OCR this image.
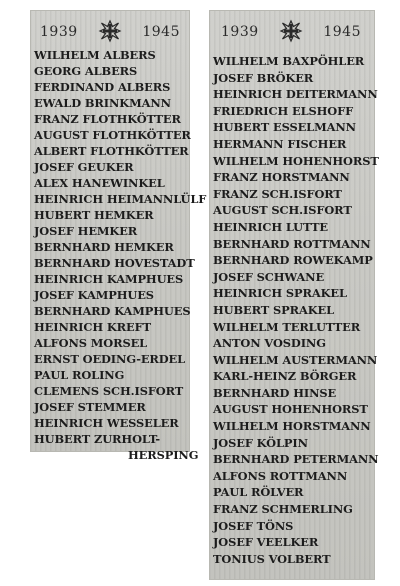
1939	1945
WILHELM ALBERS
GEORG ALBERS
FERDINAND ALBERS
EWALD BRINKMANN
FRANZ FLOTHKÖTTER
AUGUST FLOTHKÖTTER
ALBERT FLOTHKÖTTER
JOSEF GEUKER
ALEX HANEWINKEL
HEINRICH HEIMANNLÜLF
HUBERT HEMKER
JOSEF HEMKER
BERNHARD HEMKER
BERNHARD HOVESTADT
HEINRICH KAMPHUES
JOSEF KAMPHUES
BERNHARD KAMPHUES
HEINRICH KREFT
ALFONS MORSEL
ERNST OEDING-ERDEL
PAUL ROLING
CLEMENS SCH.ISFORT
JOSEF STEMMER
HEINRICH WESSELER
HUBERT ZURHOLT-
HERSPING
1939	1945
WILHELM BAXPÖHLER
JOSEF BRÖKER
HEINRICH DEITERMANN
FRIEDRICH ELSHOFF
HUBERT ESSELMANN
HERMANN FISCHER
WILHELM HOHENHORST
FRANZ HORSTMANN
FRANZ SCH.ISFORT
AUGUST SCH.ISFORT
HEINRICH LUTTE
BERNHARD ROTTMANN
BERNHARD ROWEKAMP
JOSEF SCHWANE
HEINRICH SPRAKEL
HUBERT SPRAKEL
WILHELM TERLUTTER
ANTON VOSDING
WILHELM AUSTERMANN
KARL-HEINZ BÖRGER
BERNHARD HINSE
AUGUST HOHENHORST
WILHELM HORSTMANN
JOSEF KÖLPIN
BERNHARD PETERMANN
ALFONS ROTTMANN
PAUL RÖLVER
FRANZ SCHMERLING
JOSEF TÖNS
JOSEF VEELKER
TONIUS VOLBERT
